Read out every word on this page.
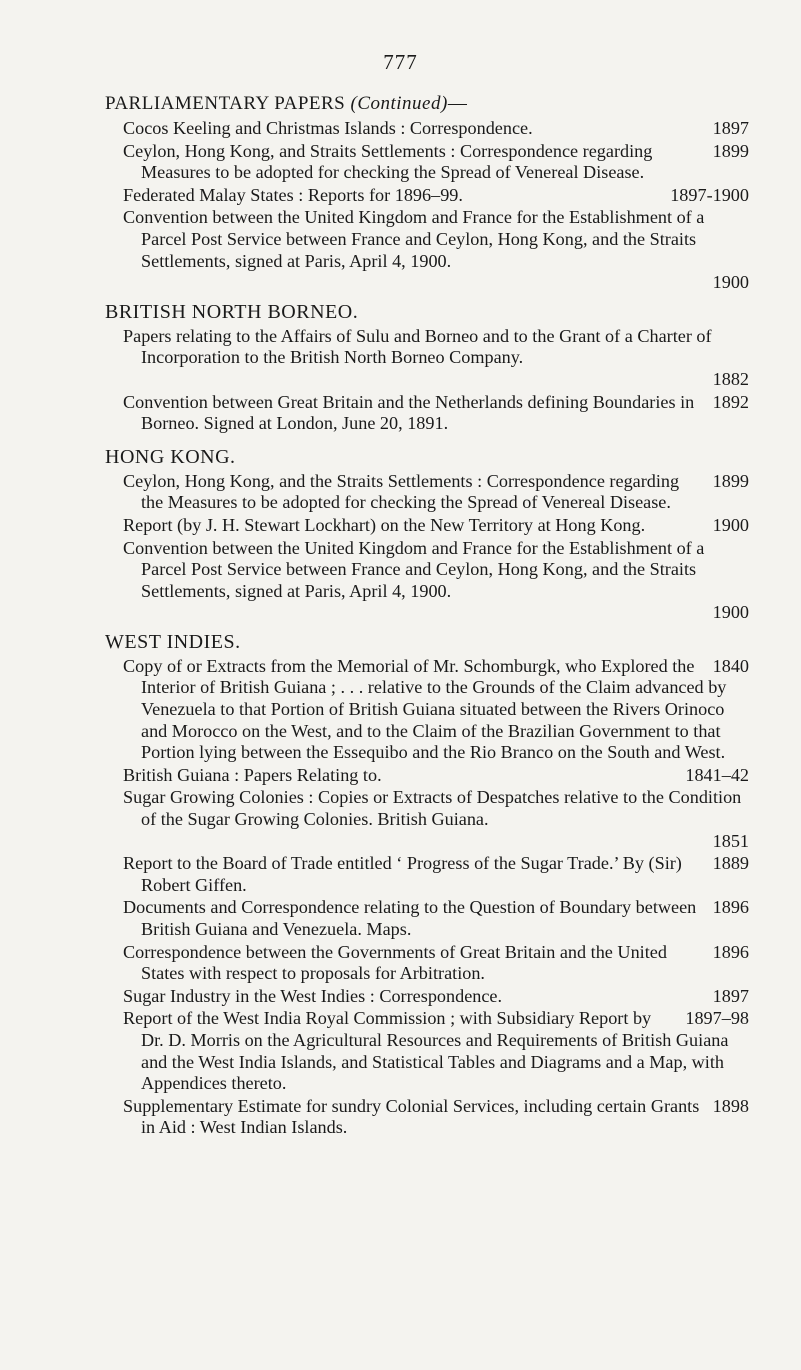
777
PARLIAMENTARY PAPERS (Continued)—

1897
Cocos Keeling and Christmas Islands : Correspondence.

1899
Ceylon, Hong Kong, and Straits Settlements : Correspondence regarding Measures to be adopted for checking the Spread of Venereal Disease.

1897-1900
Federated Malay States : Reports for 1896–99.

Convention between the United Kingdom and France for the Establishment of a Parcel Post Service between France and Ceylon, Hong Kong, and the Straits Settlements, signed at Paris, April 4, 1900.
1900

BRITISH NORTH BORNEO.

Papers relating to the Affairs of Sulu and Borneo and to the Grant of a Charter of Incorporation to the British North Borneo Company.
1882

1892
Convention between Great Britain and the Netherlands defining Boundaries in Borneo. Signed at London, June 20, 1891.

HONG KONG.

1899
Ceylon, Hong Kong, and the Straits Settlements : Correspondence regarding the Measures to be adopted for checking the Spread of Venereal Disease.

1900
Report (by J. H. Stewart Lockhart) on the New Territory at Hong Kong.

Convention between the United Kingdom and France for the Establishment of a Parcel Post Service between France and Ceylon, Hong Kong, and the Straits Settlements, signed at Paris, April 4, 1900.
1900

WEST INDIES.

1840
Copy of or Extracts from the Memorial of Mr. Schomburgk, who Explored the Interior of British Guiana ; . . . relative to the Grounds of the Claim advanced by Venezuela to that Portion of British Guiana situated between the Rivers Orinoco and Morocco on the West, and to the Claim of the Brazilian Government to that Portion lying between the Essequibo and the Rio Branco on the South and West.

1841–42
British Guiana : Papers Relating to.

Sugar Growing Colonies : Copies or Extracts of Despatches relative to the Condition of the Sugar Growing Colonies. British Guiana.
1851

1889
Report to the Board of Trade entitled ‘ Progress of the Sugar Trade.’ By (Sir) Robert Giffen.

1896
Documents and Correspondence relating to the Question of Boundary between British Guiana and Venezuela. Maps.

1896
Correspondence between the Governments of Great Britain and the United States with respect to proposals for Arbitration.

1897
Sugar Industry in the West Indies : Correspondence.

1897–98
Report of the West India Royal Commission ; with Subsidiary Report by Dr. D. Morris on the Agricultural Resources and Requirements of British Guiana and the West India Islands, and Statistical Tables and Diagrams and a Map, with Appendices thereto.

1898
Supplementary Estimate for sundry Colonial Services, including certain Grants in Aid : West Indian Islands.
